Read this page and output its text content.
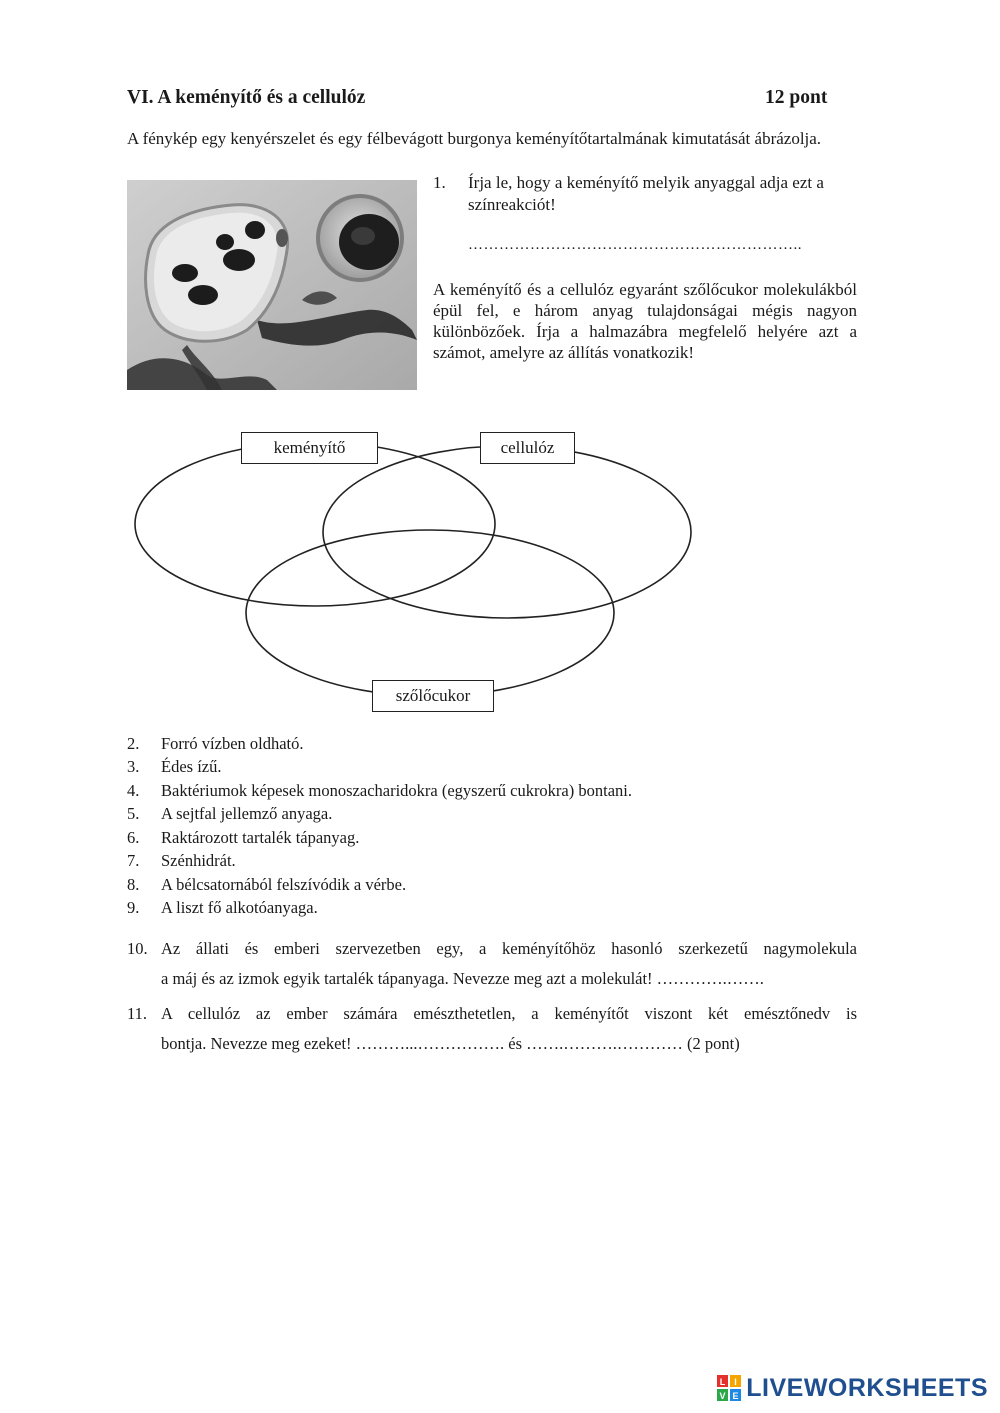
VI. A keményítő és a cellulóz	12 pont
A fénykép egy kenyérszelet és egy félbevágott burgonya keményítőtartalmának kimutatását ábrázolja.
1. Írja le, hogy a keményítő melyik anyaggal adja ezt a színreakciót!
………………………………………………………..
A keményítő és a cellulóz egyaránt szőlőcukor molekulákból épül fel, e három anyag tulajdonságai mégis nagyon különbözőek. Írja a halmazábra megfelelő helyére azt a számot, amelyre az állítás vonatkozik!
keményítő	cellulóz
szőlőcukor
2. Forró vízben oldható.
3. Édes ízű.
4. Baktériumok képesek monoszacharidokra (egyszerű cukrokra) bontani.
5. A sejtfal jellemző anyaga.
6. Raktározott tartalék tápanyag.
7. Szénhidrát.
8. A bélcsatornából felszívódik a vérbe.
9. A liszt fő alkotóanyaga.
10. Az állati és emberi szervezetben egy, a keményítőhöz hasonló szerkezetű nagymolekula
a máj és az izmok egyik tartalék tápanyaga. Nevezze meg azt a molekulát! ………….…….
11. A cellulóz az ember számára emészthetetlen, a keményítőt viszont két emésztőnedv is
bontja. Nevezze meg ezeket! ………...……………. és …….……….………… (2 pont)
L I
V E LIVEWORKSHEETS
